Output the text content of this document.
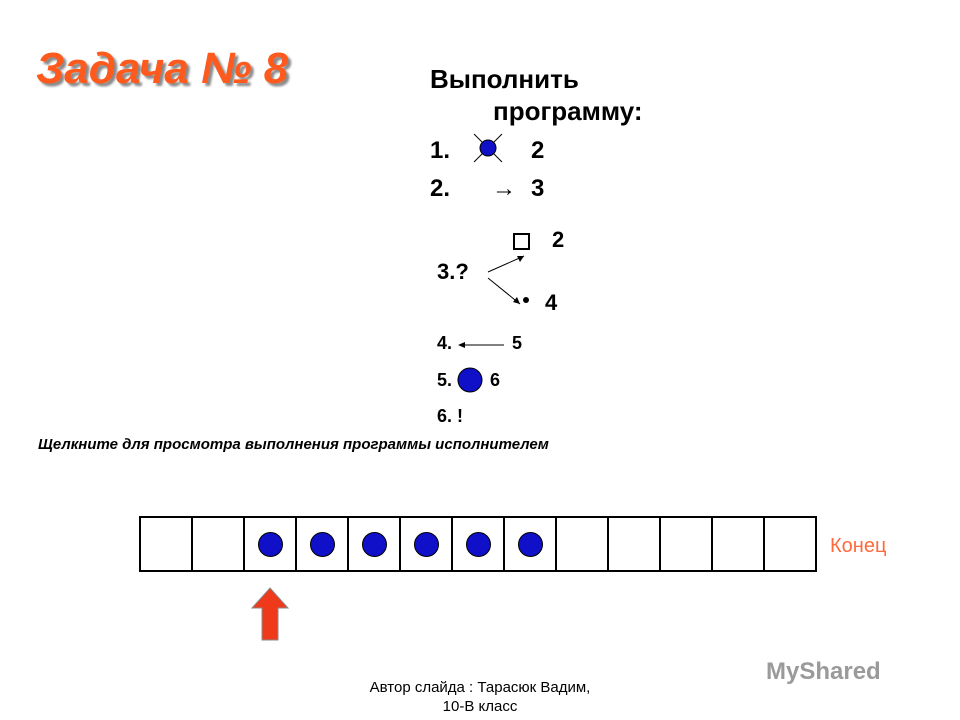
Задача № 8	Выполнить
программу:
1.	2
2. → 3
2
3.?
4
4.	5
5. 6
6. !
Щелкните для просмотра выполнения программы исполнителем
Конец
Автор слайда : Тарасюк Вадим,
10-В класс
MyShared
